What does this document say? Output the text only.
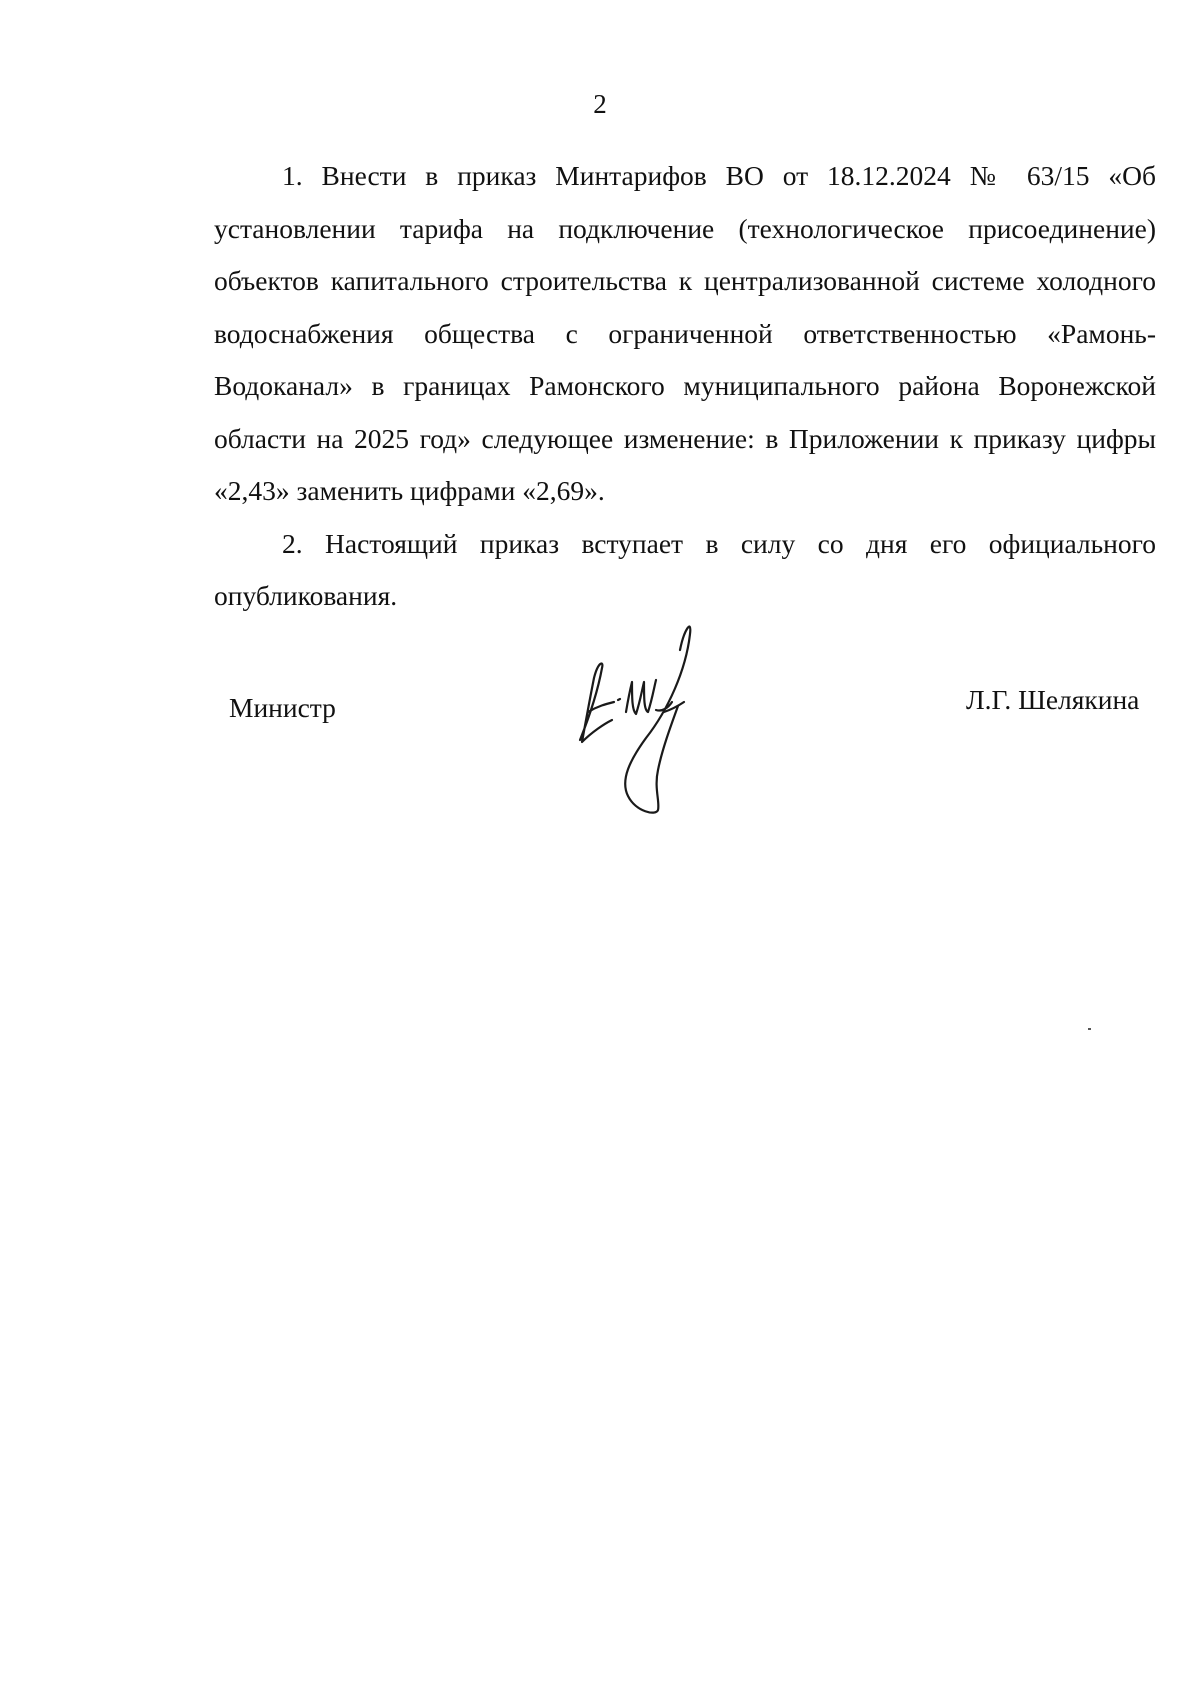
2

1. Внести в приказ Минтарифов ВО от 18.12.2024 № 63/15 «Об установлении тарифа на подключение (технологическое присоединение) объектов капитального строительства к централизованной системе холодного водоснабжения общества с ограниченной ответственностью «Рамонь-Водоканал» в границах Рамонского муниципального района Воронежской области на 2025 год» следующее изменение: в Приложении к приказу цифры «2,43» заменить цифрами «2,69».

2. Настоящий приказ вступает в силу со дня его официального опубликования.

Министр	Л.Г. Шелякина
